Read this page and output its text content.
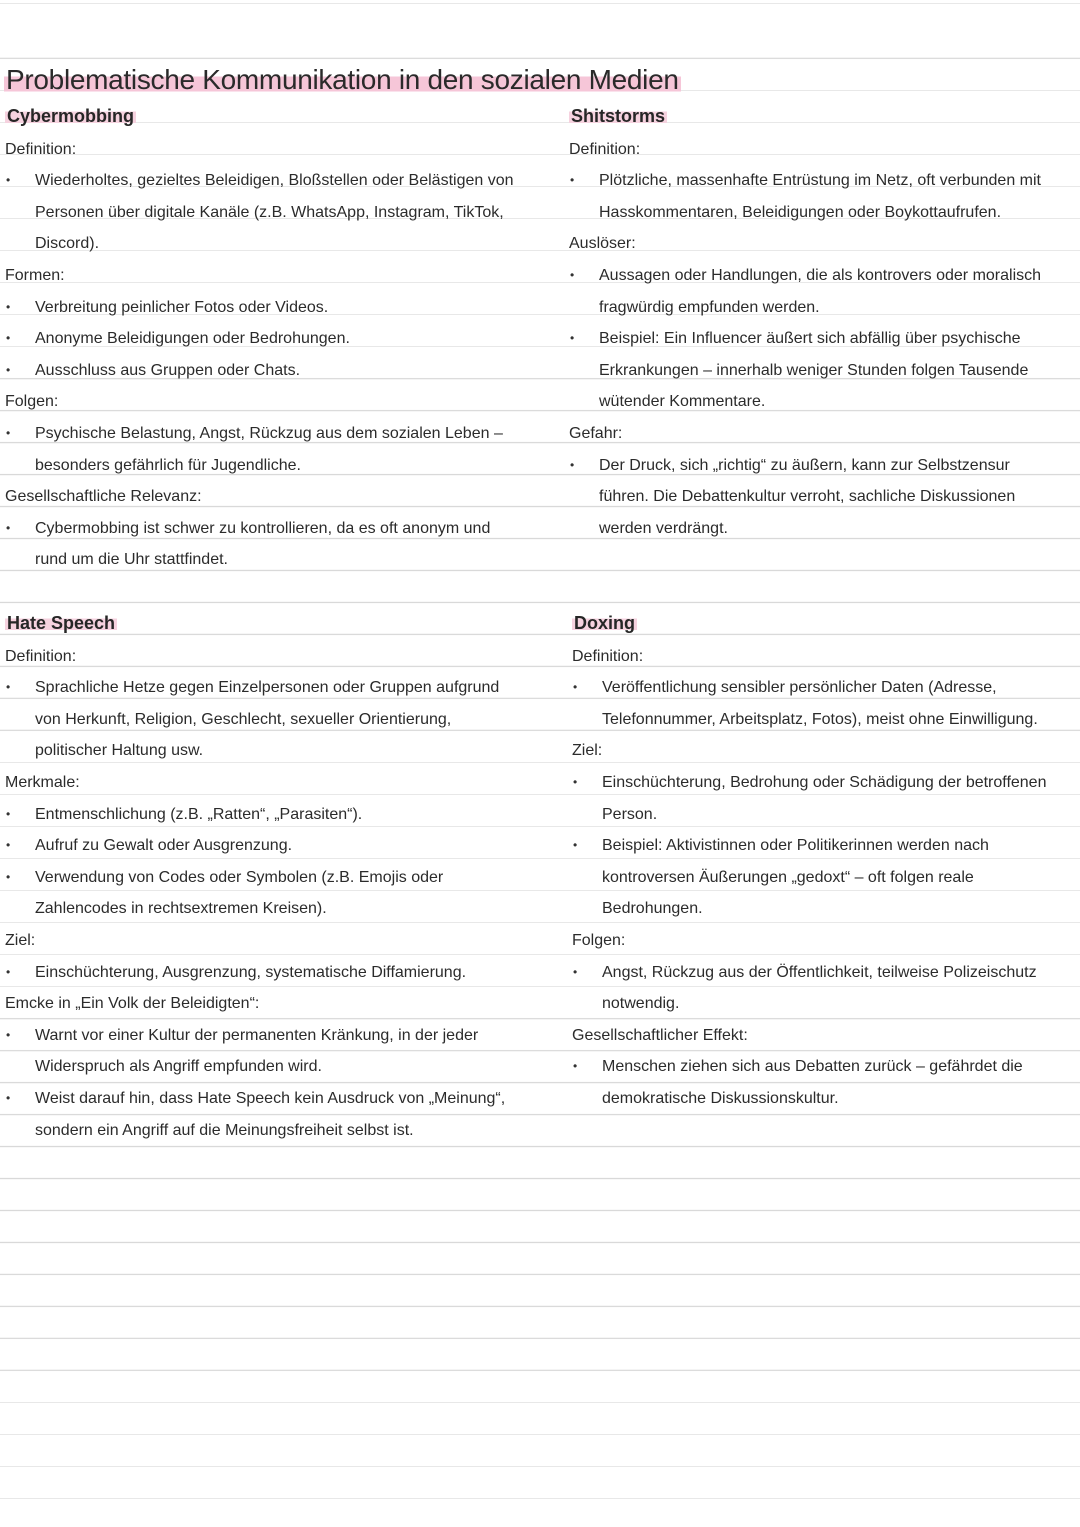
Problematische Kommunikation in den sozialen Medien

Cybermobbing

Definition:

• Wiederholtes, gezieltes Beleidigen, Bloßstellen oder Belästigen von Personen über digitale Kanäle (z.B. WhatsApp, Instagram, TikTok, Discord).

Formen:

• Verbreitung peinlicher Fotos oder Videos.
• Anonyme Beleidigungen oder Bedrohungen.
• Ausschluss aus Gruppen oder Chats.

Folgen:

• Psychische Belastung, Angst, Rückzug aus dem sozialen Leben – besonders gefährlich für Jugendliche.

Gesellschaftliche Relevanz:

• Cybermobbing ist schwer zu kontrollieren, da es oft anonym und rund um die Uhr stattfindet.

Shitstorms

Definition:

• Plötzliche, massenhafte Entrüstung im Netz, oft verbunden mit Hasskommentaren, Beleidigungen oder Boykottaufrufen.

Auslöser:

• Aussagen oder Handlungen, die als kontrovers oder moralisch fragwürdig empfunden werden.
• Beispiel: Ein Influencer äußert sich abfällig über psychische Erkrankungen – innerhalb weniger Stunden folgen Tausende wütender Kommentare.

Gefahr:

• Der Druck, sich „richtig“ zu äußern, kann zur Selbstzensur führen. Die Debattenkultur verroht, sachliche Diskussionen werden verdrängt.

Hate Speech

Definition:

• Sprachliche Hetze gegen Einzelpersonen oder Gruppen aufgrund von Herkunft, Religion, Geschlecht, sexueller Orientierung, politischer Haltung usw.

Merkmale:

• Entmenschlichung (z.B. „Ratten“, „Parasiten“).
• Aufruf zu Gewalt oder Ausgrenzung.
• Verwendung von Codes oder Symbolen (z.B. Emojis oder Zahlencodes in rechtsextremen Kreisen).

Ziel:

• Einschüchterung, Ausgrenzung, systematische Diffamierung.

Emcke in „Ein Volk der Beleidigten“:

• Warnt vor einer Kultur der permanenten Kränkung, in der jeder Widerspruch als Angriff empfunden wird.
• Weist darauf hin, dass Hate Speech kein Ausdruck von „Meinung“, sondern ein Angriff auf die Meinungsfreiheit selbst ist.

Doxing

Definition:

• Veröffentlichung sensibler persönlicher Daten (Adresse, Telefonnummer, Arbeitsplatz, Fotos), meist ohne Einwilligung.

Ziel:

• Einschüchterung, Bedrohung oder Schädigung der betroffenen Person.
• Beispiel: Aktivistinnen oder Politikerinnen werden nach kontroversen Äußerungen „gedoxt“ – oft folgen reale Bedrohungen.

Folgen:

• Angst, Rückzug aus der Öffentlichkeit, teilweise Polizeischutz notwendig.

Gesellschaftlicher Effekt:

• Menschen ziehen sich aus Debatten zurück – gefährdet die demokratische Diskussionskultur.
